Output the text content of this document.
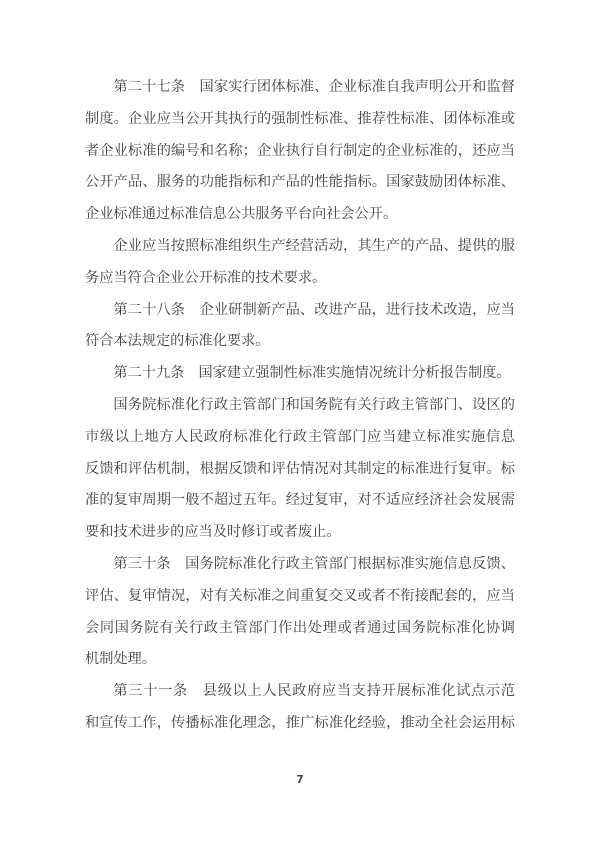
第二十七条　国家实行团体标准、企业标准自我声明公开和监督
制度。企业应当公开其执行的强制性标准、推荐性标准、团体标准或
者企业标准的编号和名称；企业执行自行制定的企业标准的，还应当
公开产品、服务的功能指标和产品的性能指标。国家鼓励团体标准、
企业标准通过标准信息公共服务平台向社会公开。
企业应当按照标准组织生产经营活动，其生产的产品、提供的服
务应当符合企业公开标准的技术要求。
第二十八条　企业研制新产品、改进产品，进行技术改造，应当
符合本法规定的标准化要求。
第二十九条　国家建立强制性标准实施情况统计分析报告制度。
国务院标准化行政主管部门和国务院有关行政主管部门、设区的
市级以上地方人民政府标准化行政主管部门应当建立标准实施信息
反馈和评估机制，根据反馈和评估情况对其制定的标准进行复审。标
准的复审周期一般不超过五年。经过复审，对不适应经济社会发展需
要和技术进步的应当及时修订或者废止。
第三十条　国务院标准化行政主管部门根据标准实施信息反馈、
评估、复审情况，对有关标准之间重复交叉或者不衔接配套的，应当
会同国务院有关行政主管部门作出处理或者通过国务院标准化协调
机制处理。
第三十一条　县级以上人民政府应当支持开展标准化试点示范
和宣传工作，传播标准化理念，推广标准化经验，推动全社会运用标
7
